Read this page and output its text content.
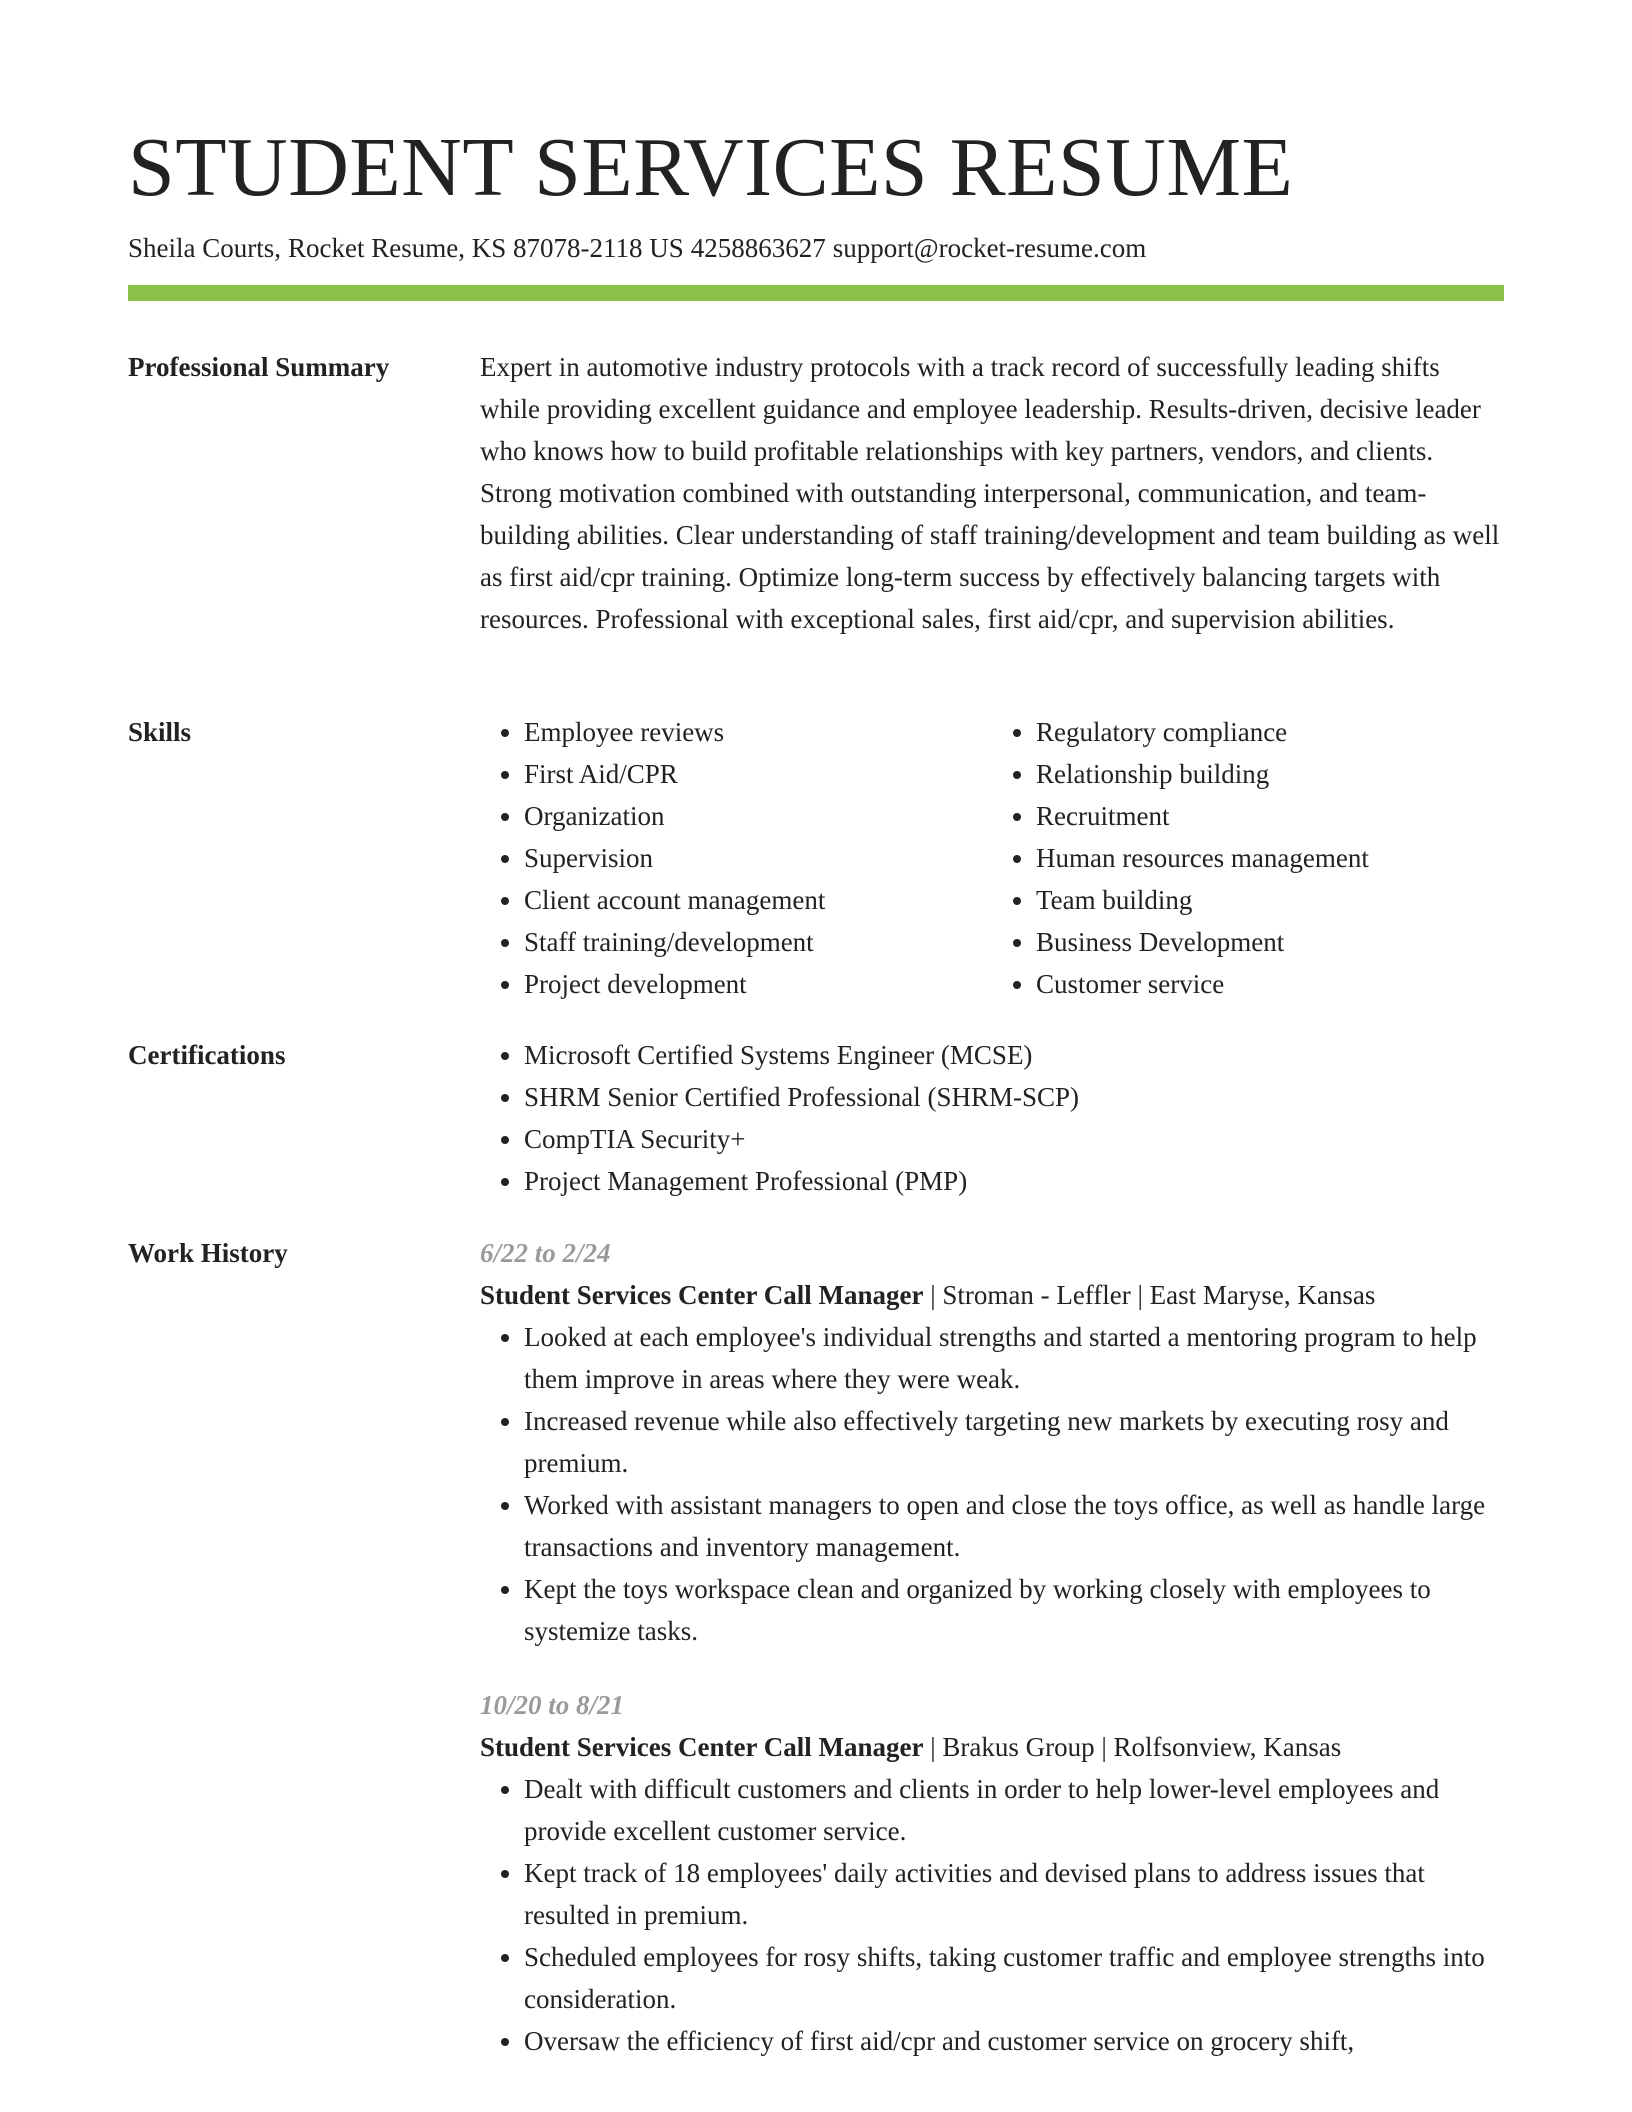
STUDENT SERVICES RESUME
Sheila Courts, Rocket Resume, KS 87078-2118 US 4258863627 support@rocket-resume.com
Professional Summary	Expert in automotive industry protocols with a track record of successfully leading shifts while providing excellent guidance and employee leadership. Results-driven, decisive leader who knows how to build profitable relationships with key partners, vendors, and clients. Strong motivation combined with outstanding interpersonal, communication, and team-building abilities. Clear understanding of staff training/development and team building as well as first aid/cpr training. Optimize long-term success by effectively balancing targets with resources. Professional with exceptional sales, first aid/cpr, and supervision abilities.

Skills	• Employee reviews
• First Aid/CPR
• Organization
• Supervision
• Client account management
• Staff training/development
• Project development
• Regulatory compliance
• Relationship building
• Recruitment
• Human resources management
• Team building
• Business Development
• Customer service
Certifications	• Microsoft Certified Systems Engineer (MCSE)
• SHRM Senior Certified Professional (SHRM-SCP)
• CompTIA Security+
• Project Management Professional (PMP)
Work History	6/22 to 2/24
Student Services Center Call Manager | Stroman - Leffler | East Maryse, Kansas
• Looked at each employee's individual strengths and started a mentoring program to help them improve in areas where they were weak.
• Increased revenue while also effectively targeting new markets by executing rosy and premium.
• Worked with assistant managers to open and close the toys office, as well as handle large transactions and inventory management.
• Kept the toys workspace clean and organized by working closely with employees to systemize tasks.
10/20 to 8/21
Student Services Center Call Manager | Brakus Group | Rolfsonview, Kansas
• Dealt with difficult customers and clients in order to help lower-level employees and provide excellent customer service.
• Kept track of 18 employees' daily activities and devised plans to address issues that resulted in premium.
• Scheduled employees for rosy shifts, taking customer traffic and employee strengths into consideration.
• Oversaw the efficiency of first aid/cpr and customer service on grocery shift,
